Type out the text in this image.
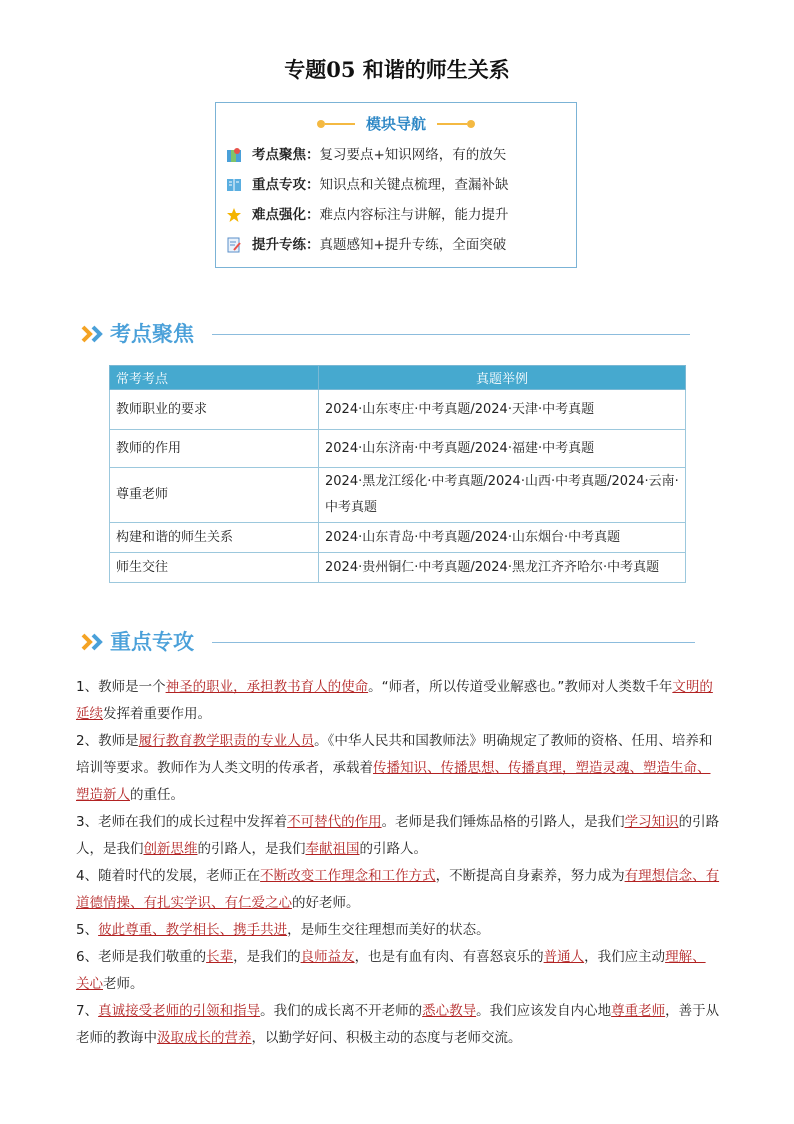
专题05 和谐的师生关系
模块导航
考点聚焦：复习要点+知识网络，有的放矢
重点专攻：知识点和关键点梳理，查漏补缺
难点强化：难点内容标注与讲解，能力提升
提升专练：真题感知+提升专练，全面突破
考点聚焦
常考考点	真题举例
教师职业的要求	2024·山东枣庄·中考真题/2024·天津·中考真题
教师的作用	2024·山东济南·中考真题/2024·福建·中考真题
尊重老师	2024·黑龙江绥化·中考真题/2024·山西·中考真题/2024·云南·中考真题
构建和谐的师生关系	2024·山东青岛·中考真题/2024·山东烟台·中考真题
师生交往	2024·贵州铜仁·中考真题/2024·黑龙江齐齐哈尔·中考真题
重点专攻

1、教师是一个神圣的职业，承担教书育人的使命。“师者，所以传道受业解惑也。”教师对人类数千年文明的延续发挥着重要作用。

2、教师是履行教育教学职责的专业人员。《中华人民共和国教师法》明确规定了教师的资格、任用、培养和培训等要求。教师作为人类文明的传承者，承载着传播知识、传播思想、传播真理，塑造灵魂、塑造生命、塑造新人的重任。

3、老师在我们的成长过程中发挥着不可替代的作用。老师是我们锤炼品格的引路人，是我们学习知识的引路人，是我们创新思维的引路人，是我们奉献祖国的引路人。

4、随着时代的发展，老师正在不断改变工作理念和工作方式，不断提高自身素养，努力成为有理想信念、有道德情操、有扎实学识、有仁爱之心的好老师。

5、彼此尊重、教学相长、携手共进，是师生交往理想而美好的状态。

6、老师是我们敬重的长辈，是我们的良师益友，也是有血有肉、有喜怒哀乐的普通人，我们应主动理解、
关心老师。

7、真诚接受老师的引领和指导。我们的成长离不开老师的悉心教导。我们应该发自内心地尊重老师，善于从老师的教诲中汲取成长的营养，以勤学好问、积极主动的态度与老师交流。
